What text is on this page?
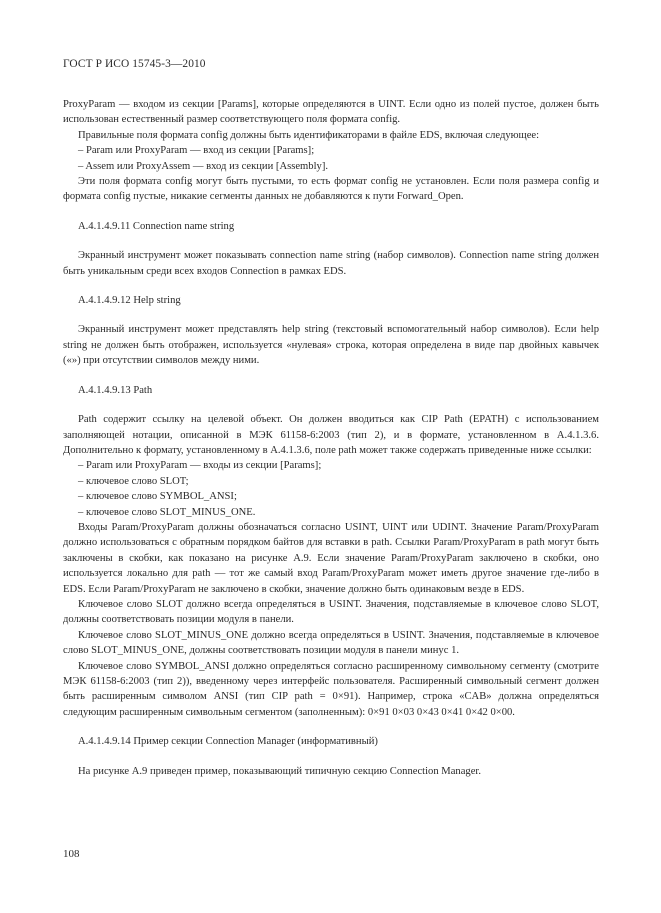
ГОСТ Р ИСО 15745-3—2010

ProxyParam — входом из секции [Params], которые определяются в UINT. Если одно из полей пустое, должен быть использован естественный размер соответствующего поля формата config.

Правильные поля формата config должны быть идентификаторами в файле EDS, включая следующее:

– Param или ProxyParam — вход из секции [Params];

– Assem или ProxyAssem — вход из секции [Assembly].

Эти поля формата config могут быть пустыми, то есть формат config не установлен. Если поля размера config и формата config пустые, никакие сегменты данных не добавляются к пути Forward_Open.

A.4.1.4.9.11 Connection name string

Экранный инструмент может показывать connection name string (набор символов). Connection name string должен быть уникальным среди всех входов Connection в рамках EDS.

A.4.1.4.9.12 Help string

Экранный инструмент может представлять help string (текстовый вспомогательный набор символов). Если help string не должен быть отображен, используется «нулевая» строка, которая определена в виде пар двойных кавычек («») при отсутствии символов между ними.

A.4.1.4.9.13 Path

Path содержит ссылку на целевой объект. Он должен вводиться как CIP Path (EPATH) с использованием заполняющей нотации, описанной в МЭК 61158-6:2003 (тип 2), и в формате, установленном в A.4.1.3.6. Дополнительно к формату, установленному в A.4.1.3.6, поле path может также содержать приведенные ниже ссылки:

– Param или ProxyParam — входы из секции [Params];

– ключевое слово SLOT;

– ключевое слово SYMBOL_ANSI;

– ключевое слово SLOT_MINUS_ONE.

Входы Param/ProxyParam должны обозначаться согласно USINT, UINT или UDINT. Значение Param/ProxyParam должно использоваться с обратным порядком байтов для вставки в path. Ссылки Param/ProxyParam в path могут быть заключены в скобки, как показано на рисунке A.9. Если значение Param/ProxyParam заключено в скобки, оно используется локально для path — тот же самый вход Param/ProxyParam может иметь другое значение где-либо в EDS. Если Param/ProxyParam не заключено в скобки, значение должно быть одинаковым везде в EDS.

Ключевое слово SLOT должно всегда определяться в USINT. Значения, подставляемые в ключевое слово SLOT, должны соответствовать позиции модуля в панели.

Ключевое слово SLOT_MINUS_ONE должно всегда определяться в USINT. Значения, подставляемые в ключевое слово SLOT_MINUS_ONE, должны соответствовать позиции модуля в панели минус 1.

Ключевое слово SYMBOL_ANSI должно определяться согласно расширенному символьному сегменту (смотрите МЭК 61158-6:2003 (тип 2)), введенному через интерфейс пользователя. Расширенный символьный сегмент должен быть расширенным символом ANSI (тип CIP path = 0×91). Например, строка «CAB» должна определяться следующим расширенным символьным сегментом (заполненным): 0×91 0×03 0×43 0×41 0×42 0×00.

A.4.1.4.9.14 Пример секции Connection Manager (информативный)

На рисунке A.9 приведен пример, показывающий типичную секцию Connection Manager.

108
